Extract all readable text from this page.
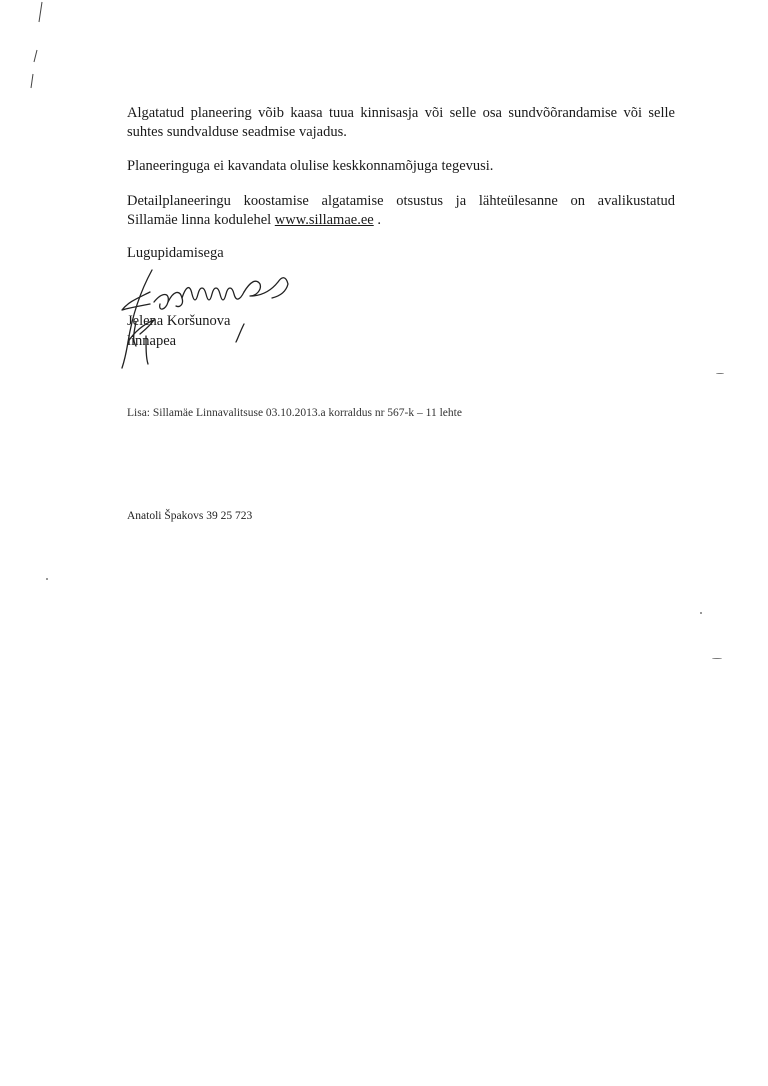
Algatatud planeering võib kaasa tuua kinnisasja või selle osa sundvõõrandamise või selle
suhtes sundvalduse seadmise vajadus.

Planeeringuga ei kavandata olulise keskkonnamõjuga tegevusi.

Detailplaneeringu koostamise algatamise otsustus ja lähteülesanne on avalikustatud
Sillamäe linna kodulehel www.sillamae.ee .

Lugupidamisega

Jelena Koršunova

linnapea

Lisa: Sillamäe Linnavalitsuse 03.10.2013.a korraldus nr 567-k – 11 lehte

Anatoli Špakovs 39 25 723
